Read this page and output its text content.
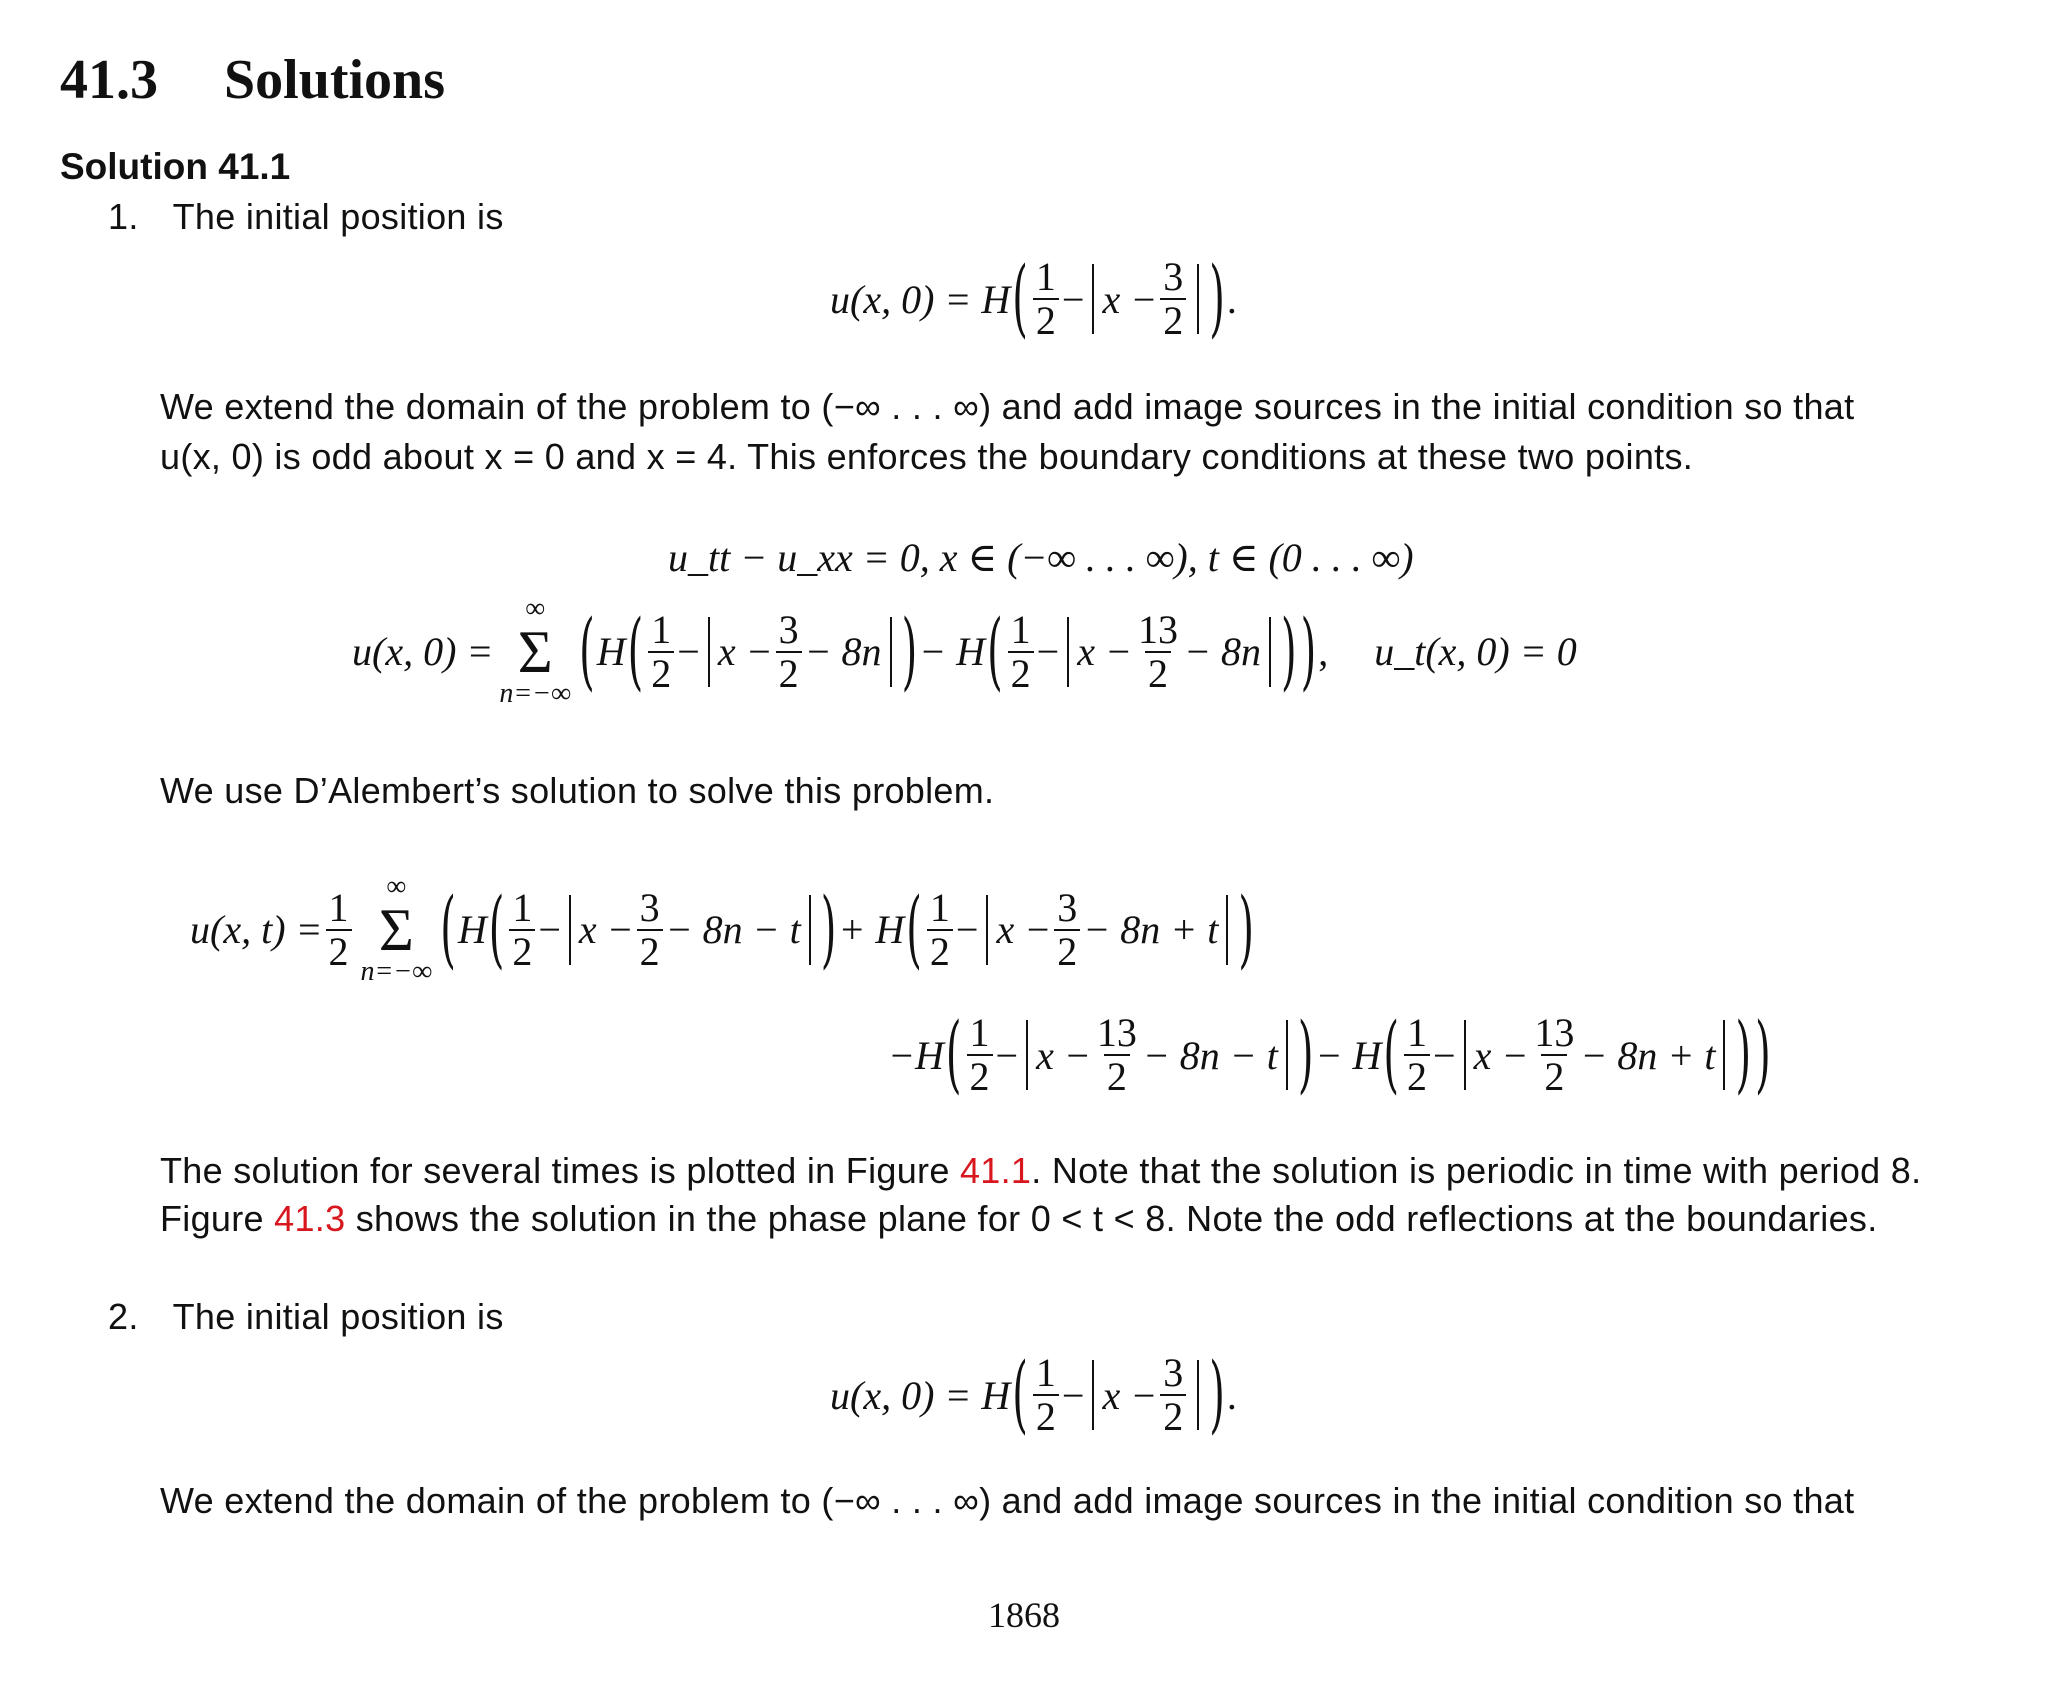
41.3 Solutions
Solution 41.1
1. The initial position is
u(x, 0) = H ( $\frac{1}{2} - x - \frac{3}{2}$ ) .
We extend the domain of the problem to (−∞ . . . ∞) and add image sources in the initial condition so that
u(x, 0) is odd about x = 0 and x = 4. This enforces the boundary conditions at these two points.
u_tt − u_xx = 0, x ∈ (−∞ . . . ∞), t ∈ (0 . . . ∞)
u(x, 0) =
∞
Σ
n=−∞ ( H ( $\frac{1}{2} - x - \frac{3}{2} - 8n$ ) − H ( $\frac{1}{2} - x - \frac{13}{2} - 8n$ ) ) , u_t(x, 0) = 0
We use D’Alembert’s solution to solve this problem.
u(x, $t) = \frac{1}{2}$
∞
Σ
n=−∞ ( H ( $\frac{1}{2} - x - \frac{3}{2} - 8n - t$ ) + H ( $\frac{1}{2} - x - \frac{3}{2} - 8n + t$ )
−H ( $\frac{1}{2} - x - \frac{13}{2} - 8n - t$ ) − H ( $\frac{1}{2} - x - \frac{13}{2} - 8n + t$ ) )
The solution for several times is plotted in Figure 41.1. Note that the solution is periodic in time with period 8.
Figure 41.3 shows the solution in the phase plane for 0 < t < 8. Note the odd reflections at the boundaries.
2. The initial position is
u(x, 0) = H ( $\frac{1}{2} - x - \frac{3}{2}$ ) .
We extend the domain of the problem to (−∞ . . . ∞) and add image sources in the initial condition so that
1868
